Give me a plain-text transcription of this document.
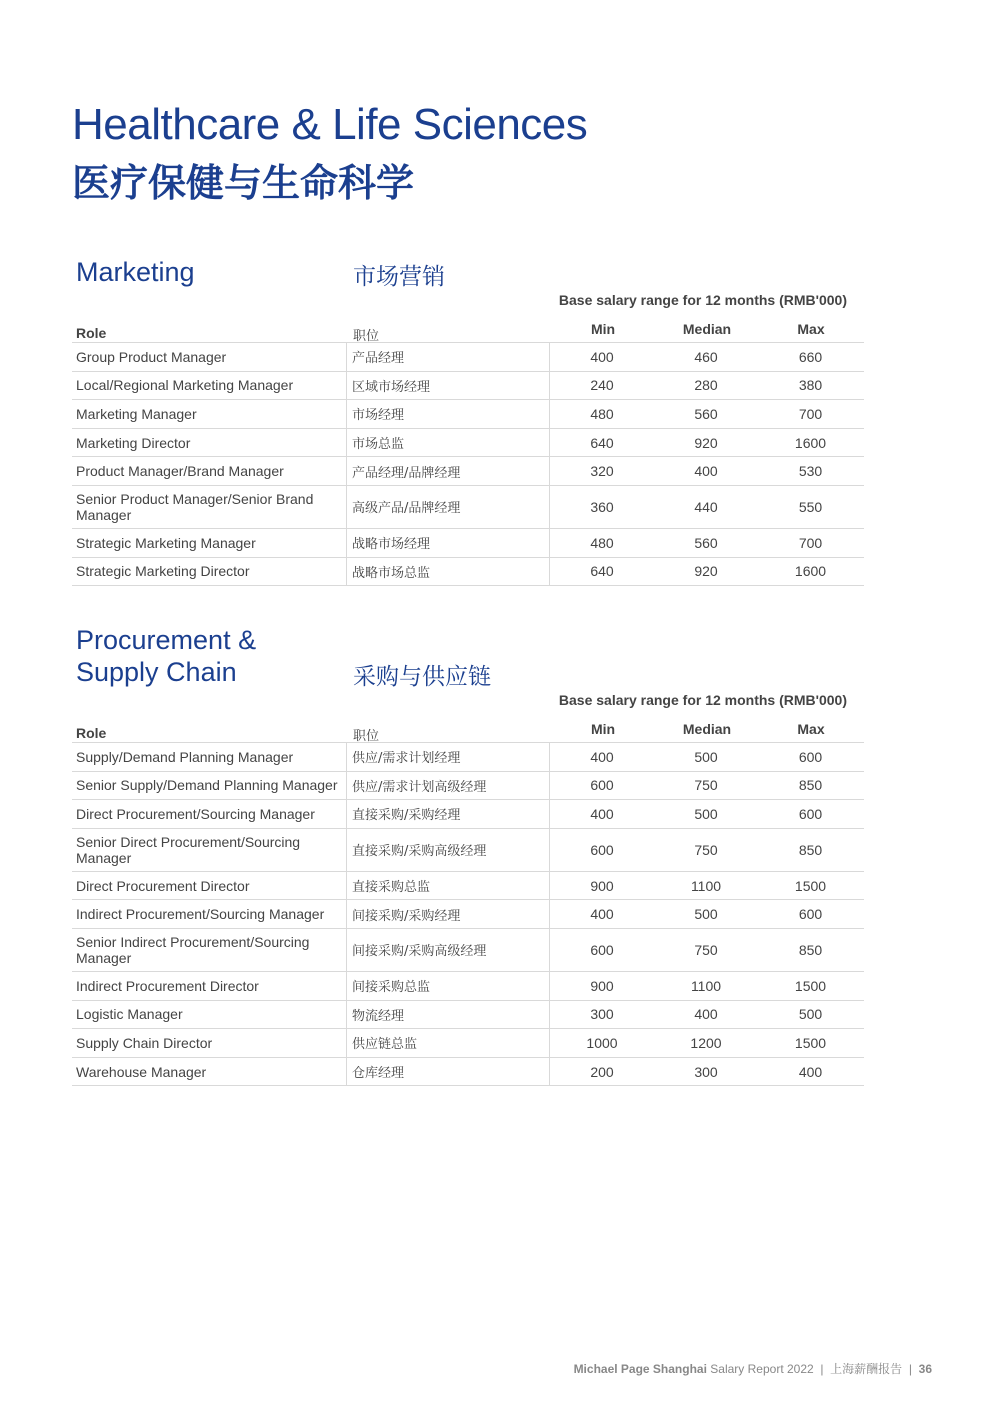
Healthcare & Life Sciences
医疗保健与生命科学
Marketing	市场营销
Base salary range for 12 months (RMB'000)
Role	职位	Min	Median	Max
Group Product Manager	产品经理	400	460	660
Local/Regional Marketing Manager	区域市场经理	240	280	380
Marketing Manager	市场经理	480	560	700
Marketing Director	市场总监	640	920	1600
Product Manager/Brand Manager	产品经理/品牌经理	320	400	530
Senior Product Manager/Senior Brand Manager	高级产品/品牌经理	360	440	550
Strategic Marketing Manager	战略市场经理	480	560	700
Strategic Marketing Director	战略市场总监	640	920	1600
Procurement &
Supply Chain	采购与供应链
Base salary range for 12 months (RMB'000)
Role	职位	Min	Median	Max
Supply/Demand Planning Manager	供应/需求计划经理	400	500	600
Senior Supply/Demand Planning Manager	供应/需求计划高级经理	600	750	850
Direct Procurement/Sourcing Manager	直接采购/采购经理	400	500	600
Senior Direct Procurement/Sourcing Manager	直接采购/采购高级经理	600	750	850
Direct Procurement Director	直接采购总监	900	1100	1500
Indirect Procurement/Sourcing Manager	间接采购/采购经理	400	500	600
Senior Indirect Procurement/Sourcing Manager	间接采购/采购高级经理	600	750	850
Indirect Procurement Director	间接采购总监	900	1100	1500
Logistic Manager	物流经理	300	400	500
Supply Chain Director	供应链总监	1000	1200	1500
Warehouse Manager	仓库经理	200	300	400
Michael Page Shanghai Salary Report 2022 | 上海薪酬报告 | 36
